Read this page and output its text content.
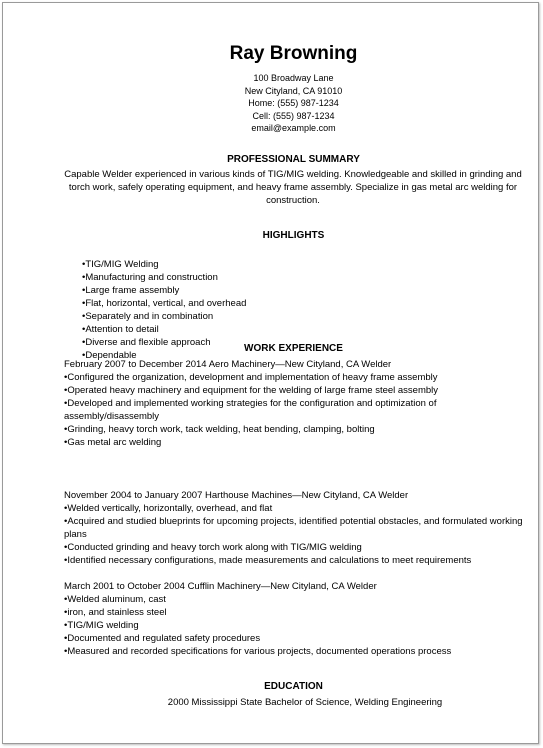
Ray Browning
100 Broadway Lane
New Cityland, CA 91010
Home: (555) 987-1234
Cell: (555) 987-1234
email@example.com
PROFESSIONAL SUMMARY
Capable Welder experienced in various kinds of TIG/MIG welding. Knowledgeable and skilled in grinding and torch work, safely operating equipment, and heavy frame assembly. Specialize in gas metal arc welding for construction.
HIGHLIGHTS
• TIG/MIG Welding
• Manufacturing and construction
• Large frame assembly
• Flat, horizontal, vertical, and overhead
• Separately and in combination
• Attention to detail
• Diverse and flexible approach
• Dependable
WORK EXPERIENCE
February 2007 to December 2014 Aero Machinery—New Cityland, CA Welder
• Configured the organization, development and implementation of heavy frame assembly
• Operated heavy machinery and equipment for the welding of large frame steel assembly
• Developed and implemented working strategies for the configuration and optimization of assembly/disassembly
• Grinding, heavy torch work, tack welding, heat bending, clamping, bolting
• Gas metal arc welding
November 2004 to January 2007 Harthouse Machines—New Cityland, CA Welder
• Welded vertically, horizontally, overhead, and flat
• Acquired and studied blueprints for upcoming projects, identified potential obstacles, and formulated working plans
• Conducted grinding and heavy torch work along with TIG/MIG welding
• Identified necessary configurations, made measurements and calculations to meet requirements
March 2001 to October 2004 Cufflin Machinery—New Cityland, CA Welder
• Welded aluminum, cast
• iron, and stainless steel
• TIG/MIG welding
• Documented and regulated safety procedures
• Measured and recorded specifications for various projects, documented operations process
EDUCATION
2000 Mississippi State Bachelor of Science, Welding Engineering
